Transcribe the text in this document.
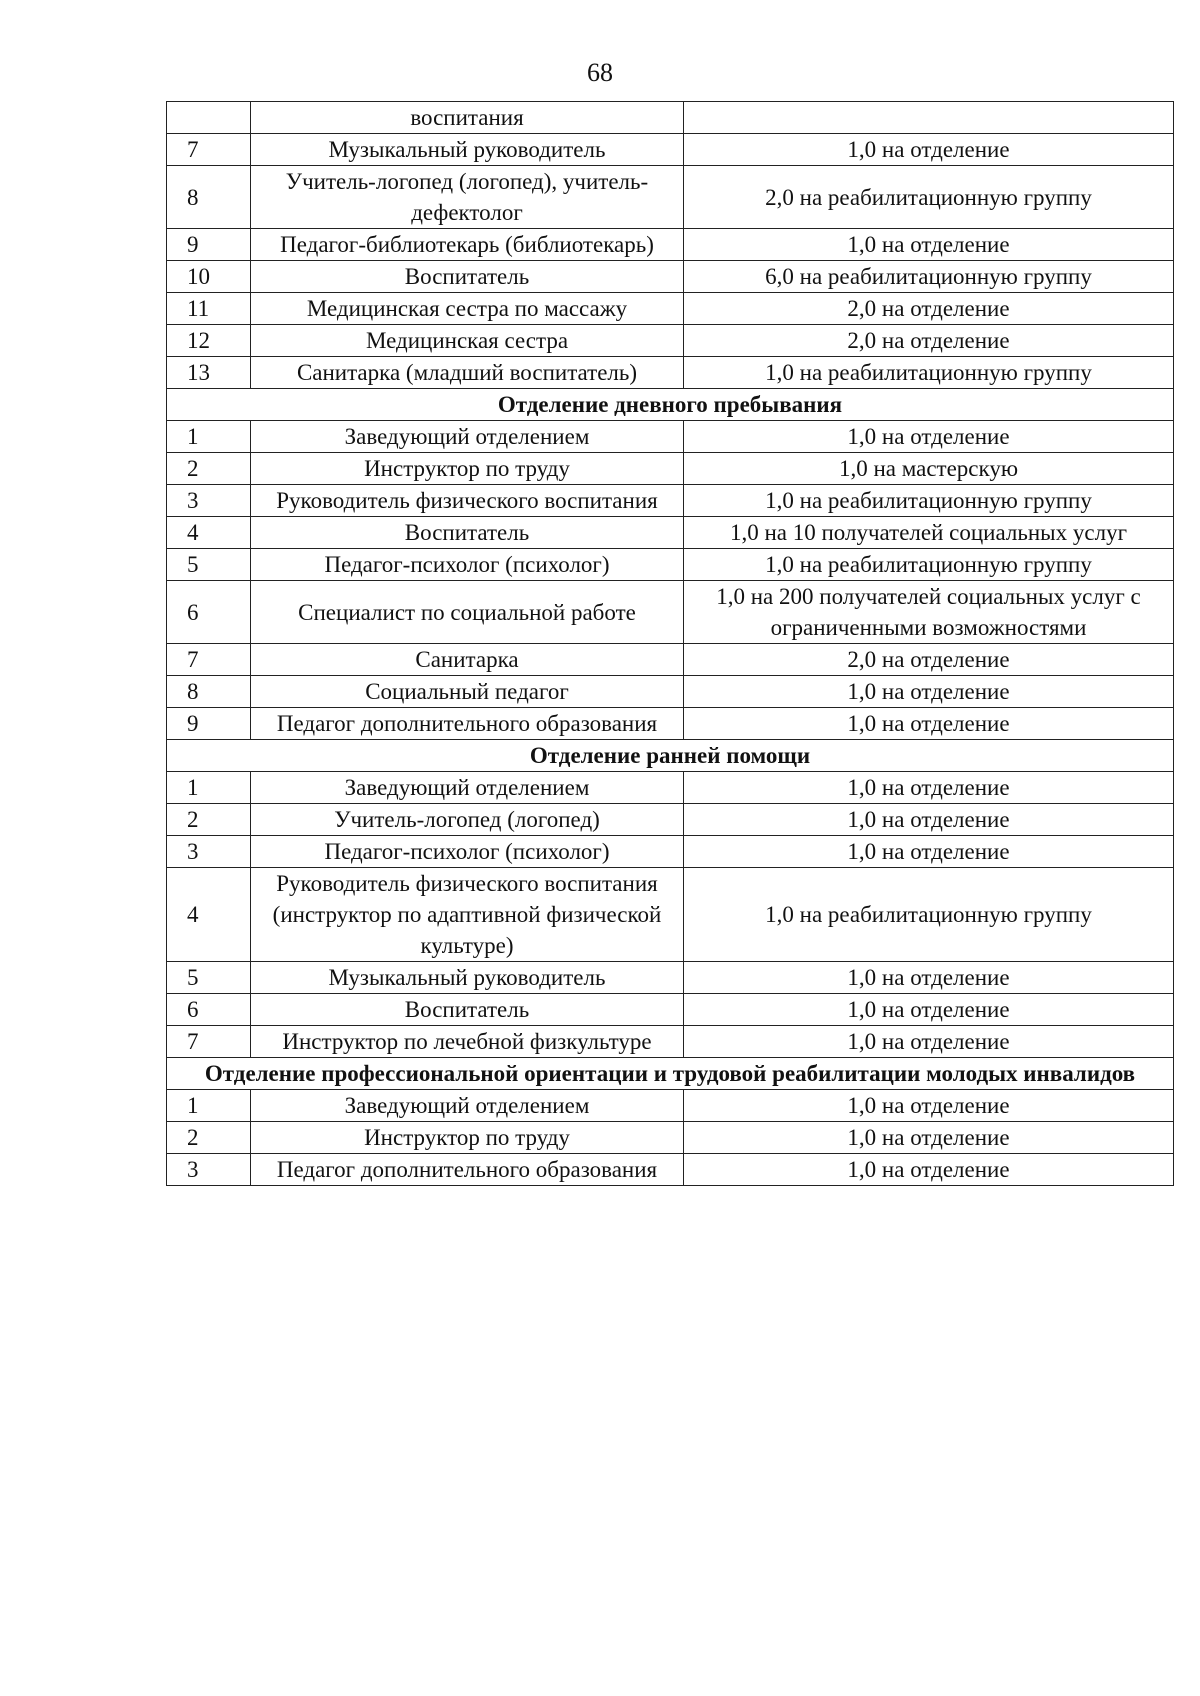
68
	воспитания	
7	Музыкальный руководитель	1,0 на отделение
8	Учитель-логопед (логопед), учитель-дефектолог	2,0 на реабилитационную группу
9	Педагог-библиотекарь (библиотекарь)	1,0 на отделение
10	Воспитатель	6,0 на реабилитационную группу
11	Медицинская сестра по массажу	2,0 на отделение
12	Медицинская сестра	2,0 на отделение
13	Санитарка (младший воспитатель)	1,0 на реабилитационную группу
Отделение дневного пребывания		
1	Заведующий отделением	1,0 на отделение
2	Инструктор по труду	1,0 на мастерскую
3	Руководитель физического воспитания	1,0 на реабилитационную группу
4	Воспитатель	1,0 на 10 получателей социальных услуг
5	Педагог-психолог (психолог)	1,0 на реабилитационную группу
6	Специалист по социальной работе	1,0 на 200 получателей социальных услуг с ограниченными возможностями
7	Санитарка	2,0 на отделение
8	Социальный педагог	1,0 на отделение
9	Педагог дополнительного образования	1,0 на отделение
Отделение ранней помощи		
1	Заведующий отделением	1,0 на отделение
2	Учитель-логопед (логопед)	1,0 на отделение
3	Педагог-психолог (психолог)	1,0 на отделение
4	Руководитель физического воспитания (инструктор по адаптивной физической культуре)	1,0 на реабилитационную группу
5	Музыкальный руководитель	1,0 на отделение
6	Воспитатель	1,0 на отделение
7	Инструктор по лечебной физкультуре	1,0 на отделение
Отделение профессиональной ориентации и трудовой реабилитации молодых инвалидов		
1	Заведующий отделением	1,0 на отделение
2	Инструктор по труду	1,0 на отделение
3	Педагог дополнительного образования	1,0 на отделение
